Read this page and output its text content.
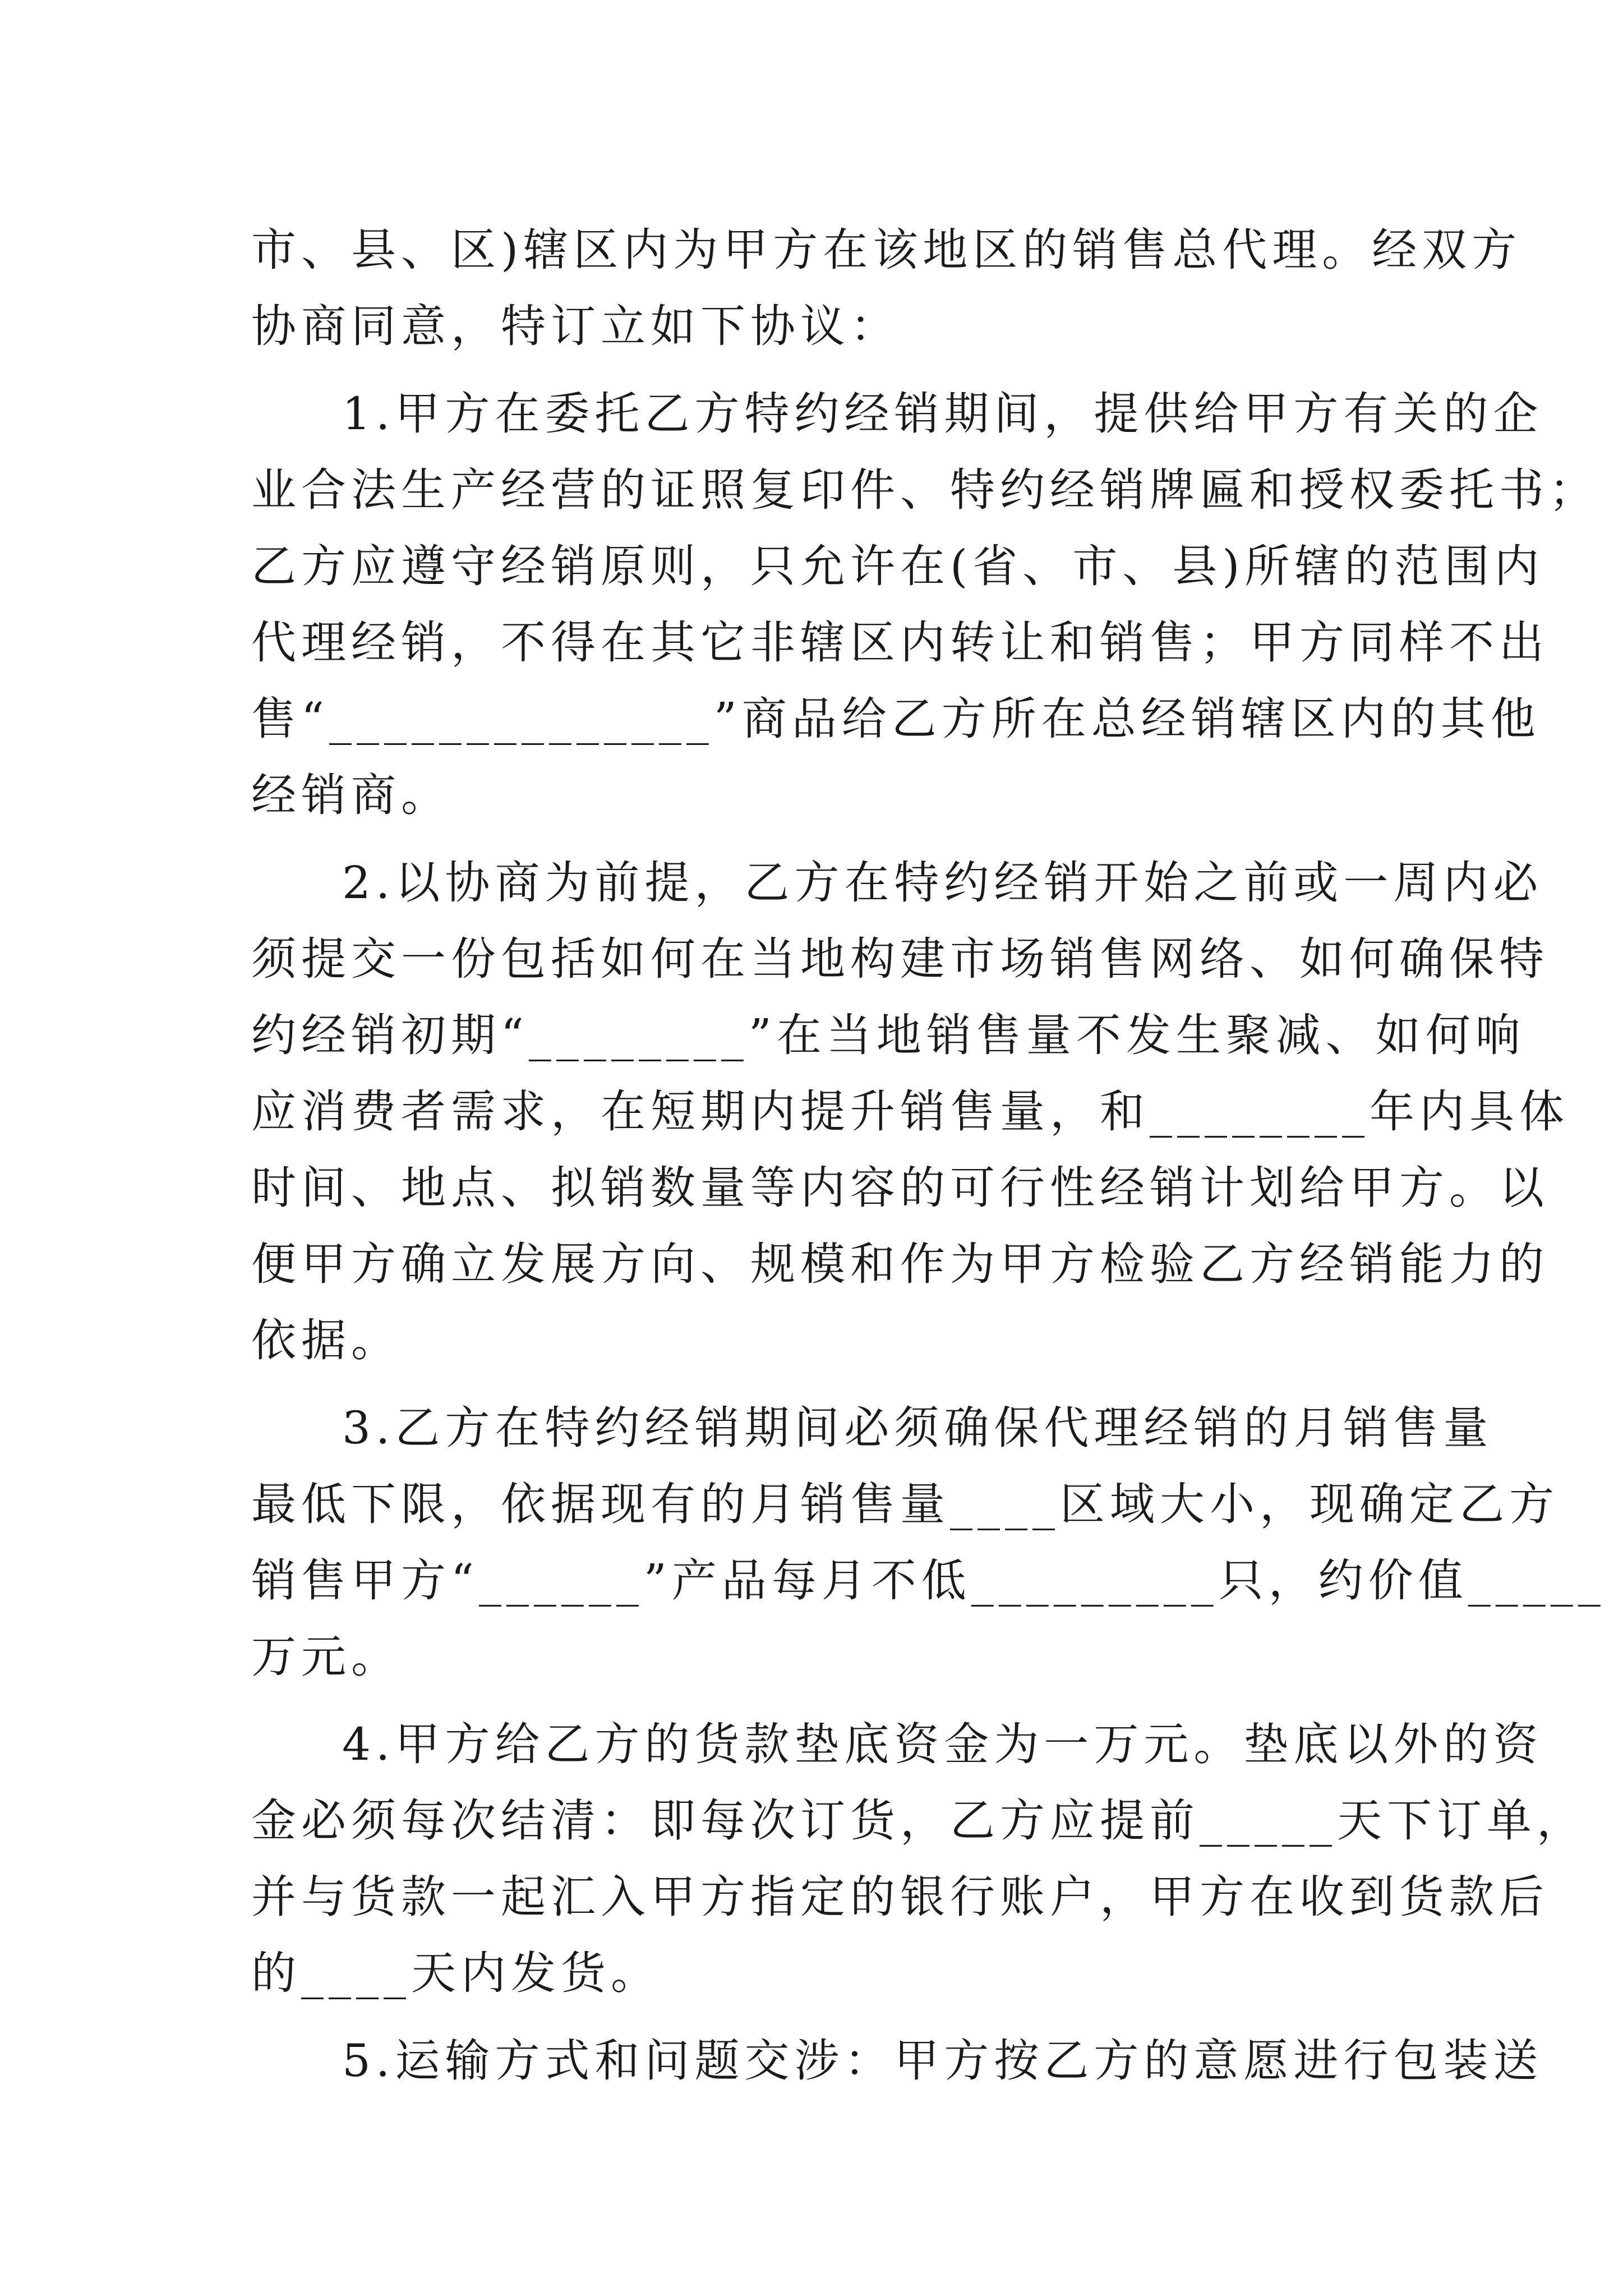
市、县、区)辖区内为甲方在该地区的销售总代理。经双方
协商同意，特订立如下协议：
1.甲方在委托乙方特约经销期间，提供给甲方有关的企
业合法生产经营的证照复印件、特约经销牌匾和授权委托书；
乙方应遵守经销原则，只允许在(省、市、县)所辖的范围内
代理经销，不得在其它非辖区内转让和销售；甲方同样不出
售“______________”商品给乙方所在总经销辖区内的其他
经销商。
2.以协商为前提，乙方在特约经销开始之前或一周内必
须提交一份包括如何在当地构建市场销售网络、如何确保特
约经销初期“________”在当地销售量不发生聚减、如何响
应消费者需求，在短期内提升销售量，和________年内具体
时间、地点、拟销数量等内容的可行性经销计划给甲方。以
便甲方确立发展方向、规模和作为甲方检验乙方经销能力的
依据。
3.乙方在特约经销期间必须确保代理经销的月销售量
最低下限，依据现有的月销售量____区域大小，现确定乙方
销售甲方“______”产品每月不低_________只，约价值_____
万元。
4.甲方给乙方的货款垫底资金为一万元。垫底以外的资
金必须每次结清：即每次订货，乙方应提前_____天下订单，
并与货款一起汇入甲方指定的银行账户，甲方在收到货款后
的____天内发货。
5.运输方式和问题交涉：甲方按乙方的意愿进行包装送
